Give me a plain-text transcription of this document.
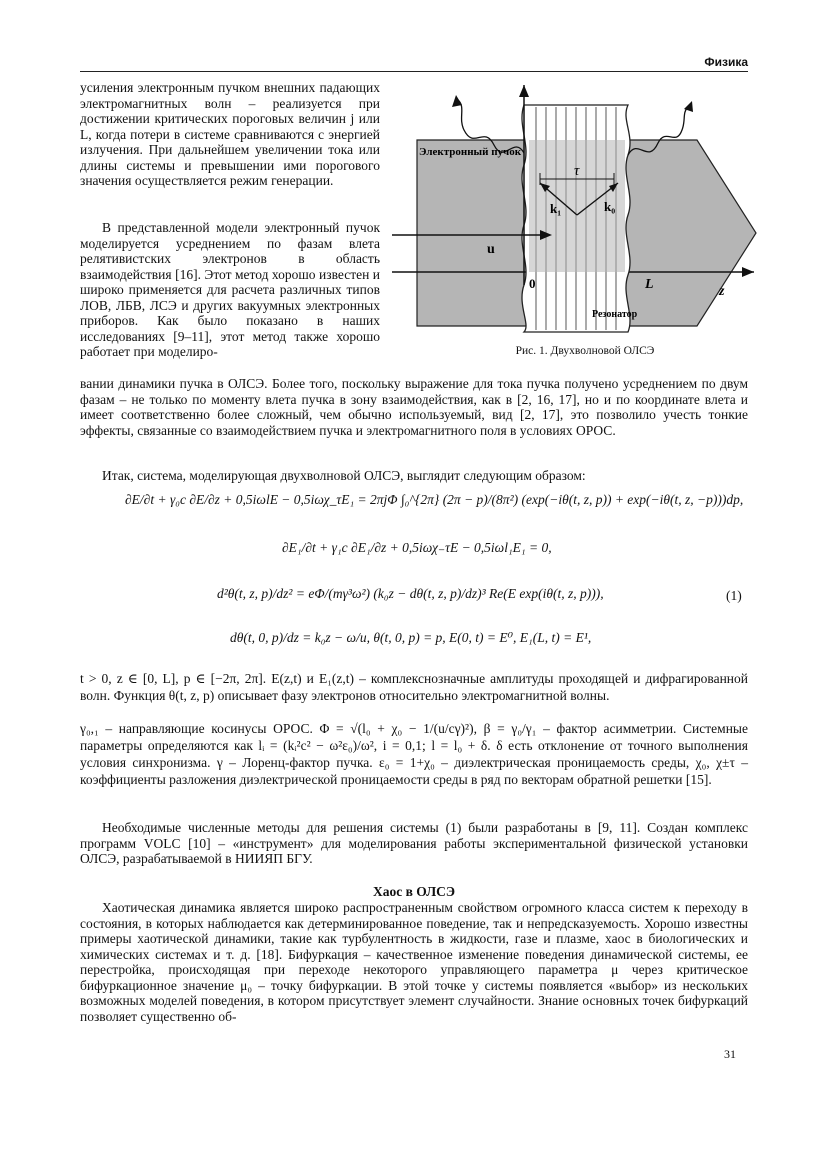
Физика
усиления электронным пучком внешних падающих электромагнитных волн – реализуется при достижении критических пороговых величин j или L, когда потери в системе сравниваются с энергией излучения. При дальнейшем увеличении тока или длины системы и превышении ими порогового значения осуществляется режим генерации.
В представленной модели электронный пучок моделируется усреднением по фазам влета релятивистских электронов в область взаимодействия [16]. Этот метод хорошо известен и широко применяется для расчета различных типов ЛОВ, ЛБВ, ЛСЭ и других вакуумных электронных приборов. Как было показано в наших исследованиях [9–11], этот метод также хорошо работает при моделиро-
Электронный пучок
Резонатор
τ
k₁	k₀
u
0	L	z
Рис. 1. Двухволновой ОЛСЭ
вании динамики пучка в ОЛСЭ. Более того, поскольку выражение для тока пучка получено усреднением по двум фазам – не только по моменту влета пучка в зону взаимодействия, как в [2, 16, 17], но и по координате влета и имеет соответственно более сложный, чем обычно используемый, вид [2, 17], это позволило учесть тонкие эффекты, связанные со взаимодействием пучка и электромагнитного поля в условиях ОРОС.
Итак, система, моделирующая двухволновой ОЛСЭ, выглядит следующим образом:
∂E/∂t + γ₀c ∂E/∂z + 0,5iωlE − 0,5iωχ_τE₁ = 2πjΦ ∫₀^{2π} (2π − p)/(8π²) (exp(−iθ(t, z, p)) + exp(−iθ(t, z, −p)))dp,
∂E₁/∂t + γ₁c ∂E₁/∂z + 0,5iωχ₋τE − 0,5iωl₁E₁ = 0,
d²θ(t, z, p)/dz² = eΦ/(mγ³ω²) (k₀z − dθ(t, z, p)/dz)³ Re(E exp(iθ(t, z, p))),
dθ(t, 0, p)/dz = k₀z − ω/u, θ(t, 0, p) = p, E(0, t) = E⁰, E₁(L, t) = E¹,
(1)
t > 0, z ∈ [0, L], p ∈ [−2π, 2π]. E(z,t) и E₁(z,t) – комплекснозначные амплитуды проходящей и дифрагированной волн. Функция θ(t, z, p) описывает фазу электронов относительно электромагнитной волны.
γ₀,₁ – направляющие косинусы ОРОС. Φ = √(l₀ + χ₀ − 1/(u/cγ)²), β = γ₀/γ₁ – фактор асимметрии. Системные параметры определяются как lᵢ = (kᵢ²c² − ω²ε₀)/ω², i = 0,1; l = l₀ + δ. δ есть отклонение от точного выполнения условия синхронизма. γ – Лоренц-фактор пучка. ε₀ = 1+χ₀ – диэлектрическая проницаемость среды, χ₀, χ±τ – коэффициенты разложения диэлектрической проницаемости среды в ряд по векторам обратной решетки [15].
Необходимые численные методы для решения системы (1) были разработаны в [9, 11]. Создан комплекс программ VOLC [10] – «инструмент» для моделирования работы экспериментальной физической установки ОЛСЭ, разрабатываемой в НИИЯП БГУ.
Хаос в ОЛСЭ
Хаотическая динамика является широко распространенным свойством огромного класса систем к переходу в состояния, в которых наблюдается как детерминированное поведение, так и непредсказуемость. Хорошо известны примеры хаотической динамики, такие как турбулентность в жидкости, газе и плазме, хаос в биологических и химических системах и т. д. [18]. Бифуркация – качественное изменение поведения динамической системы, ее перестройка, происходящая при переходе некоторого управляющего параметра μ через критическое бифуркационное значение μ₀ – точку бифуркации. В этой точке у системы появляется «выбор» из нескольких возможных моделей поведения, в котором присутствует элемент случайности. Знание основных точек бифуркаций позволяет существенно об-
31
